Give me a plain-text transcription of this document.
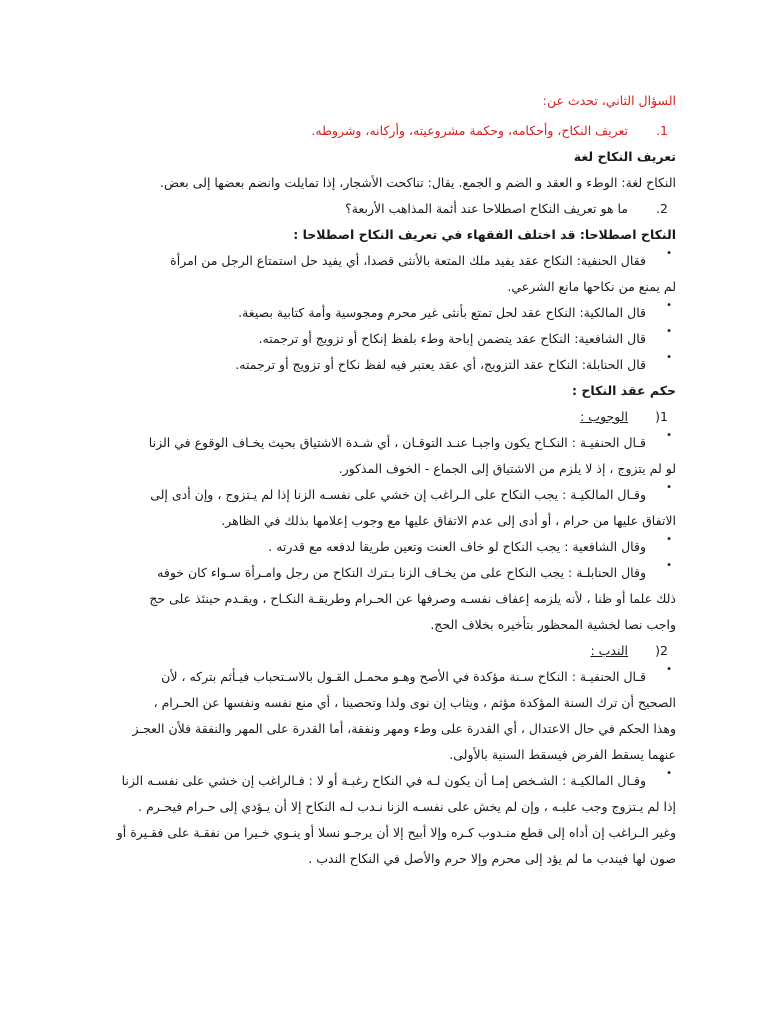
السؤال الثاني، تحدث عن:
1. تعريف النكاح، وأحكامه، وحكمة مشروعيته، وأركانه، وشروطه.
تعريف النكاح لغة
النكاح لغة: الوطء و العقد و الضم و الجمع. يقال: تناكحت الأشجار، إذا تمايلت وانضم بعضها إلى بعض.
2. ما هو تعريف النكاح اصطلاحا عند أئمة المذاهب الأربعة؟
النكاح اصطلاحا: قد اختلف الفقهاء في تعريف النكاح اصطلاحا :
•
فقال الحنفية: النكاح عقد يفيد ملك المتعة بالأنثى قصدا، أي يفيد حل استمتاع الرجل من امرأة
لم يمنع من نكاحها مانع الشرعي.
•
قال المالكية: النكاح عقد لحل تمتع بأنثى غير محرم ومجوسية وأمة كتابية بصيغة.
•
قال الشافعية: النكاح عقد يتضمن إباحة وطء بلفظ إنكاح أو تزويج أو ترجمته.
•
قال الحنابلة: النكاح عقد التزويج، أي عقد يعتبر فيه لفظ نكاح أو تزويج أو ترجمته.
حكم عقد النكاح :
1( الوجوب :
•
قـال الحنفيـة : النكـاح يكون واجبـا عنـد التوقـان ، أي شـدة الاشتياق بحيث يخـاف الوقوع في الزنا
لو لم يتزوج ، إذ لا يلزم من الاشتياق إلى الجماع - الخوف المذكور.
•
وقـال المالكيـة : يجب النكاح على الـراغب إن خشي على نفسـه الزنا إذا لم يـتزوج ، وإن أدى إلى
الاتفاق عليها من حرام ، أو أدى إلى عدم الاتفاق عليها مع وجوب إعلامها بذلك في الظاهر.
•
وقال الشافعية : يجب النكاح لو خاف العنت وتعين طريقا لدفعه مع قدرته .
•
وقال الحنابلـة : يجب النكاح على من يخـاف الزنا بـترك النكاح من رجل وامـرأة سـواء كان خوفه
ذلك علما أو ظنا ، لأنه يلزمه إعفاف نفسـه وصرفها عن الحـرام وطريقـة النكـاح ، ويقـدم حينئذ على حج
واجب نصا لخشية المحظور بتأخيره بخلاف الحج.
2( الندب :
•
قـال الحنفيـة : النكاح سـنة مؤكدة في الأصح وهـو محمـل القـول بالاسـتحباب فيـأثم بتركه ، لأن
الصحيح أن ترك السنة المؤكدة مؤثم ، ويثاب إن نوى ولدا وتحصينا ، أي منع نفسه ونفسها عن الحـرام ،
وهذا الحكم في حال الاعتدال ، أي القدرة على وطء ومهر ونفقة، أما القدرة على المهر والنفقة فلأن العجـز
عنهما يسقط الفرض فيسقط السنية بالأولى.
•
وقـال المالكيـة : الشـخص إمـا أن يكون لـه في النكاح رغبـة أو لا : فـالراغب إن خشي على نفسـه الزنا
إذا لم يـتزوج وجب عليـه ، وإن لم يخش على نفسـه الزنا نـدب لـه النكاح إلا أن يـؤدي إلى حـرام فيحـرم .
وغير الـراغب إن أداه إلى قطع منـدوب كـره وإلا أبيح إلا أن يرجـو نسلا أو ينـوي خـيرا من نفقـة على فقـيرة أو
صون لها فيندب ما لم يؤد إلى محرم وإلا حرم والأصل في النكاح الندب .
